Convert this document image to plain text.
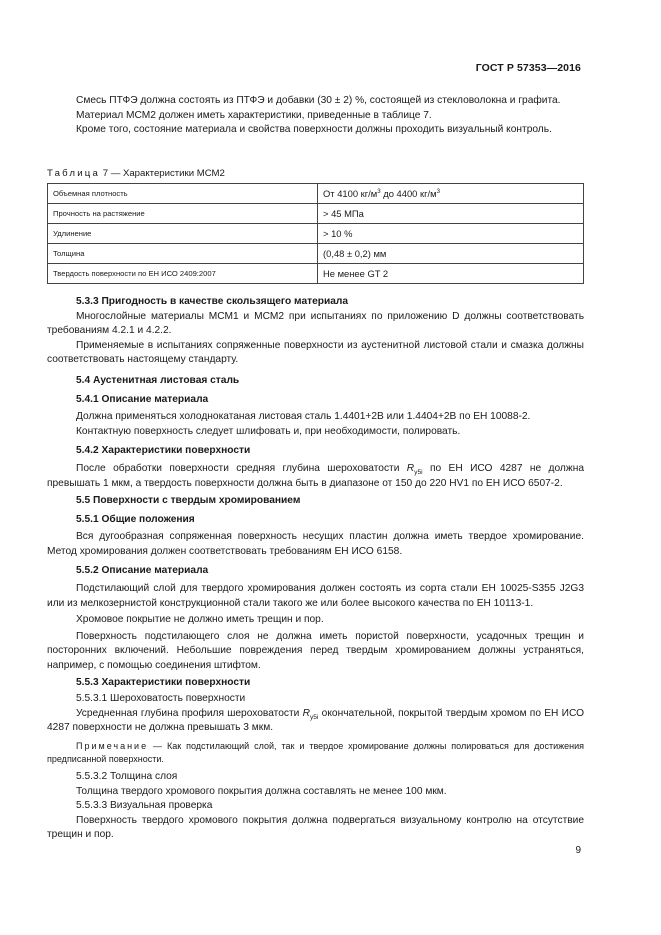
ГОСТ Р 57353—2016

Смесь ПТФЭ должна состоять из ПТФЭ и добавки (30 ± 2) %, состоящей из стекловолокна и графита.

Материал МСМ2 должен иметь характеристики, приведенные в таблице 7.

Кроме того, состояние материала и свойства поверхности должны проходить визуальный контроль.

Таблица 7 — Характеристики МСМ2
Объемная плотность	От 4100 $кг/м^3$ до 4400 $кг/м^3$
Прочность на растяжение	> 45 МПа
Удлинение	> 10 %
Толщина	(0,48 ± 0,2) мм
Твердость поверхности по ЕН ИСО 2409:2007	Не менее GT 2

5.3.3 Пригодность в качестве скользящего материала

Многослойные материалы МСМ1 и МСМ2 при испытаниях по приложению D должны соответствовать требованиям 4.2.1 и 4.2.2.

Применяемые в испытаниях сопряженные поверхности из аустенитной листовой стали и смазка должны соответствовать настоящему стандарту.

5.4 Аустенитная листовая сталь

5.4.1 Описание материала

Должна применяться холоднокатаная листовая сталь 1.4401+2В или 1.4404+2В по ЕН 10088-2.

Контактную поверхность следует шлифовать и, при необходимости, полировать.

5.4.2 Характеристики поверхности

После обработки поверхности средняя глубина шероховатости $R_{y5i}$ по ЕН ИСО 4287 не должна превышать 1 мкм, а твердость поверхности должна быть в диапазоне от 150 до 220 HV1 по ЕН ИСО 6507-2.

5.5 Поверхности с твердым хромированием

5.5.1 Общие положения

Вся дугообразная сопряженная поверхность несущих пластин должна иметь твердое хромирование. Метод хромирования должен соответствовать требованиям ЕН ИСО 6158.

5.5.2 Описание материала

Подстилающий слой для твердого хромирования должен состоять из сорта стали ЕН 10025-S355 J2G3 или из мелкозернистой конструкционной стали такого же или более высокого качества по ЕН 10113-1.

Хромовое покрытие не должно иметь трещин и пор.

Поверхность подстилающего слоя не должна иметь пористой поверхности, усадочных трещин и посторонних включений. Небольшие повреждения перед твердым хромированием должны устраняться, например, с помощью соединения штифтом.

5.5.3 Характеристики поверхности

5.5.3.1 Шероховатость поверхности

Усредненная глубина профиля шероховатости $R_{y5i}$ окончательной, покрытой твердым хромом по ЕН ИСО 4287 поверхности не должна превышать 3 мкм.

Примечание — Как подстилающий слой, так и твердое хромирование должны полироваться для достижения предписанной поверхности.

5.5.3.2 Толщина слоя

Толщина твердого хромового покрытия должна составлять не менее 100 мкм.

5.5.3.3 Визуальная проверка

Поверхность твердого хромового покрытия должна подвергаться визуальному контролю на отсутствие трещин и пор.

9
